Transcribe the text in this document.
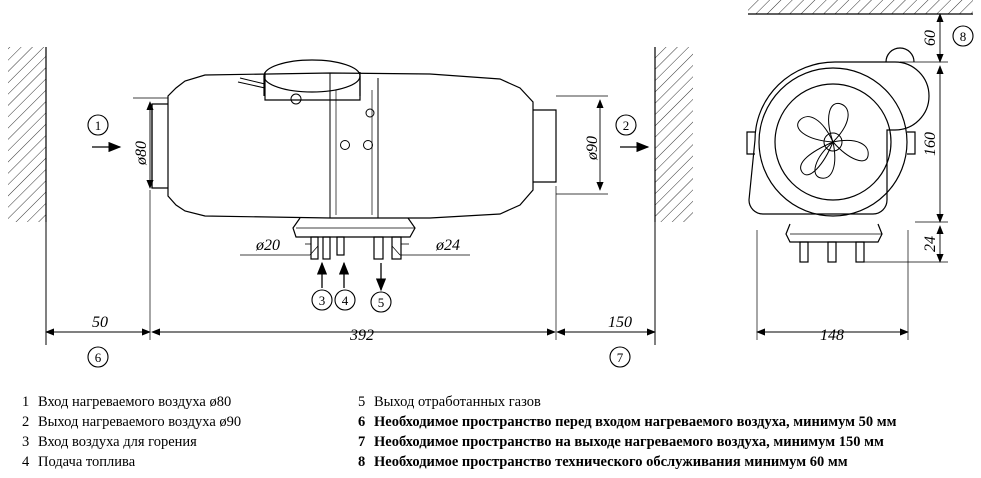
1	2
3 4 5
6	7
8
ø80	ø90
ø20	ø24
50
392
150
60
160
24
148
1 Вход нагреваемого воздуха ø80
2 Выход нагреваемого воздуха ø90
3 Вход воздуха для горения
4 Подача топлива
5 Выход отработанных газов
6 Необходимое пространство перед входом нагреваемого воздуха, минимум 50 мм
7 Необходимое пространство на выходе нагреваемого воздуха, минимум 150 мм
8 Необходимое пространство технического обслуживания минимум 60 мм
